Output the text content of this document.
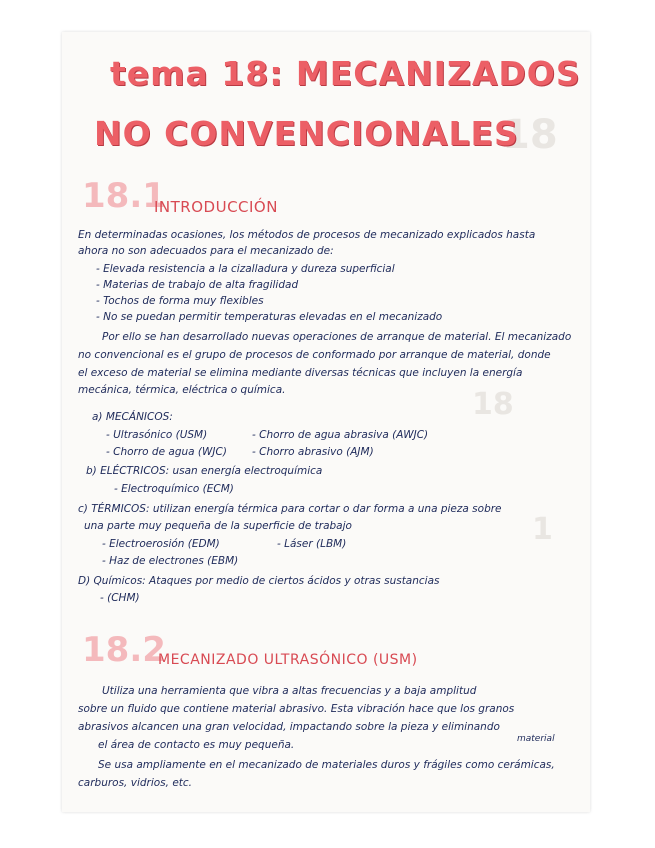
18
18
1
tema 18: MECANIZADOS
NO CONVENCIONALES
18.1
INTRODUCCIÓN
En determinadas ocasiones, los métodos de procesos de mecanizado explicados hasta
ahora no son adecuados para el mecanizado de:
- Elevada resistencia a la cizalladura y dureza superficial
- Materias de trabajo de alta fragilidad
- Tochos de forma muy flexibles
- No se puedan permitir temperaturas elevadas en el mecanizado
Por ello se han desarrollado nuevas operaciones de arranque de material. El mecanizado
no convencional es el grupo de procesos de conformado por arranque de material, donde
el exceso de material se elimina mediante diversas técnicas que incluyen la energía
mecánica, térmica, eléctrica o química.
a) MECÁNICOS:
- Ultrasónico (USM)	- Chorro de agua abrasiva (AWJC)
- Chorro de agua (WJC) - Chorro abrasivo (AJM)
b) ELÉCTRICOS: usan energía electroquímica
- Electroquímico (ECM)
c) TÉRMICOS: utilizan energía térmica para cortar o dar forma a una pieza sobre
una parte muy pequeña de la superficie de trabajo
- Electroerosión (EDM)	- Láser (LBM)
- Haz de electrones (EBM)
D) Químicos: Ataques por medio de ciertos ácidos y otras sustancias
- (CHM)
18.2
MECANIZADO ULTRASÓNICO (USM)
Utiliza una herramienta que vibra a altas frecuencias y a baja amplitud
sobre un fluido que contiene material abrasivo. Esta vibración hace que los granos
abrasivos alcancen una gran velocidad, impactando sobre la pieza y eliminando
material
el área de contacto es muy pequeña.
Se usa ampliamente en el mecanizado de materiales duros y frágiles como cerámicas,
carburos, vidrios, etc.
